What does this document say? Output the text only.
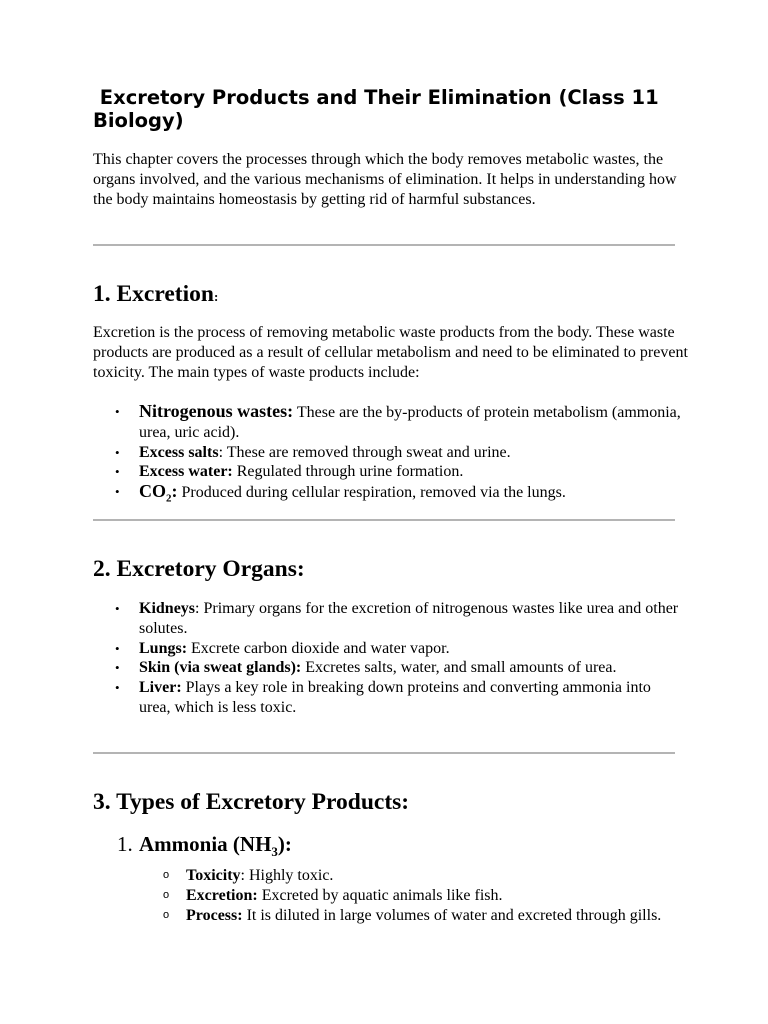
Excretory Products and Their Elimination (Class 11 Biology)

This chapter covers the processes through which the body removes metabolic wastes, the organs involved, and the various mechanisms of elimination. It helps in understanding how the body maintains homeostasis by getting rid of harmful substances.

1. Excretion:

Excretion is the process of removing metabolic waste products from the body. These waste products are produced as a result of cellular metabolism and need to be eliminated to prevent toxicity. The main types of waste products include:

• Nitrogenous wastes: These are the by-products of protein metabolism (ammonia, urea, uric acid).
• Excess salts: These are removed through sweat and urine.
• Excess water: Regulated through urine formation.
• $CO_2$: Produced during cellular respiration, removed via the lungs.
2. Excretory Organs:
• Kidneys: Primary organs for the excretion of nitrogenous wastes like urea and other solutes.
• Lungs: Excrete carbon dioxide and water vapor.
• Skin (via sweat glands): Excretes salts, water, and small amounts of urea.
• Liver: Plays a key role in breaking down proteins and converting ammonia into urea, which is less toxic.
3. Types of Excretory Products:
1. Ammonia $(NH_3)$:
o Toxicity: Highly toxic.
o Excretion: Excreted by aquatic animals like fish.
o Process: It is diluted in large volumes of water and excreted through gills.
